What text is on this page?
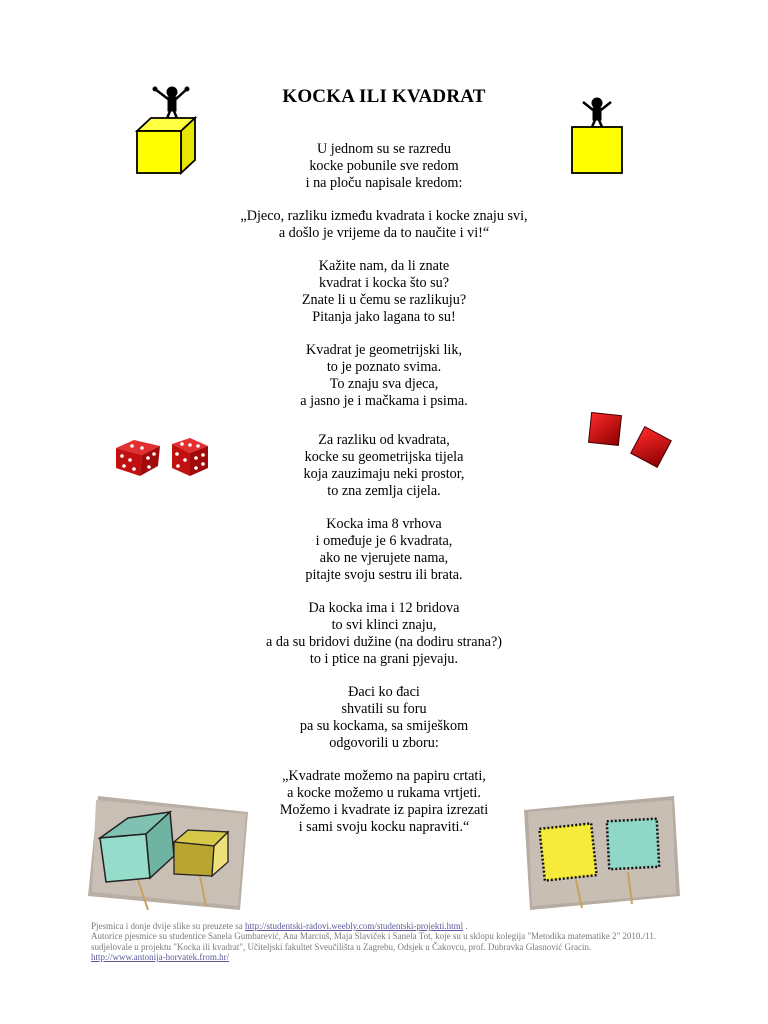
KOCKA ILI KVADRAT
U jednom su se razredu
kocke pobunile sve redom
i na ploču napisale kredom:
„Djeco, razliku između kvadrata i kocke znaju svi,
a došlo je vrijeme da to naučite i vi!“
Kažite nam, da li znate
kvadrat i kocka što su?
Znate li u čemu se razlikuju?
Pitanja jako lagana to su!
Kvadrat je geometrijski lik,
to je poznato svima.
To znaju sva djeca,
a jasno je i mačkama i psima.
Za razliku od kvadrata,
kocke su geometrijska tijela
koja zauzimaju neki prostor,
to zna zemlja cijela.
Kocka ima 8 vrhova
i omeđuje je 6 kvadrata,
ako ne vjerujete nama,
pitajte svoju sestru ili brata.
Da kocka ima i 12 bridova
to svi klinci znaju,
a da su bridovi dužine (na dodiru strana?)
to i ptice na grani pjevaju.
Đaci ko đaci
shvatili su foru
pa su kockama, sa smiješkom
odgovorili u zboru:
„Kvadrate možemo na papiru crtati,
a kocke možemo u rukama vrtjeti.
Možemo i kvadrate iz papira izrezati
i sami svoju kocku napraviti.“
Pjesmica i donje dvije slike su preuzete sa http://studentski-radovi.weebly.com/studentski-projekti.html .
Autorice pjesmice su studentice Sanela Gumbarević, Ana Marciuš, Maja Slaviček i Sanela Tot, koje su u sklopu kolegija "Metodika matematike 2" 2010./11. sudjelovale u projektu "Kocka ili kvadrat", Učiteljski fakultet Sveučilišta u Zagrebu, Odsjek u Čakovcu, prof. Dubravka Glasnović Gracin.
http://www.antonija-horvatek.from.hr/
